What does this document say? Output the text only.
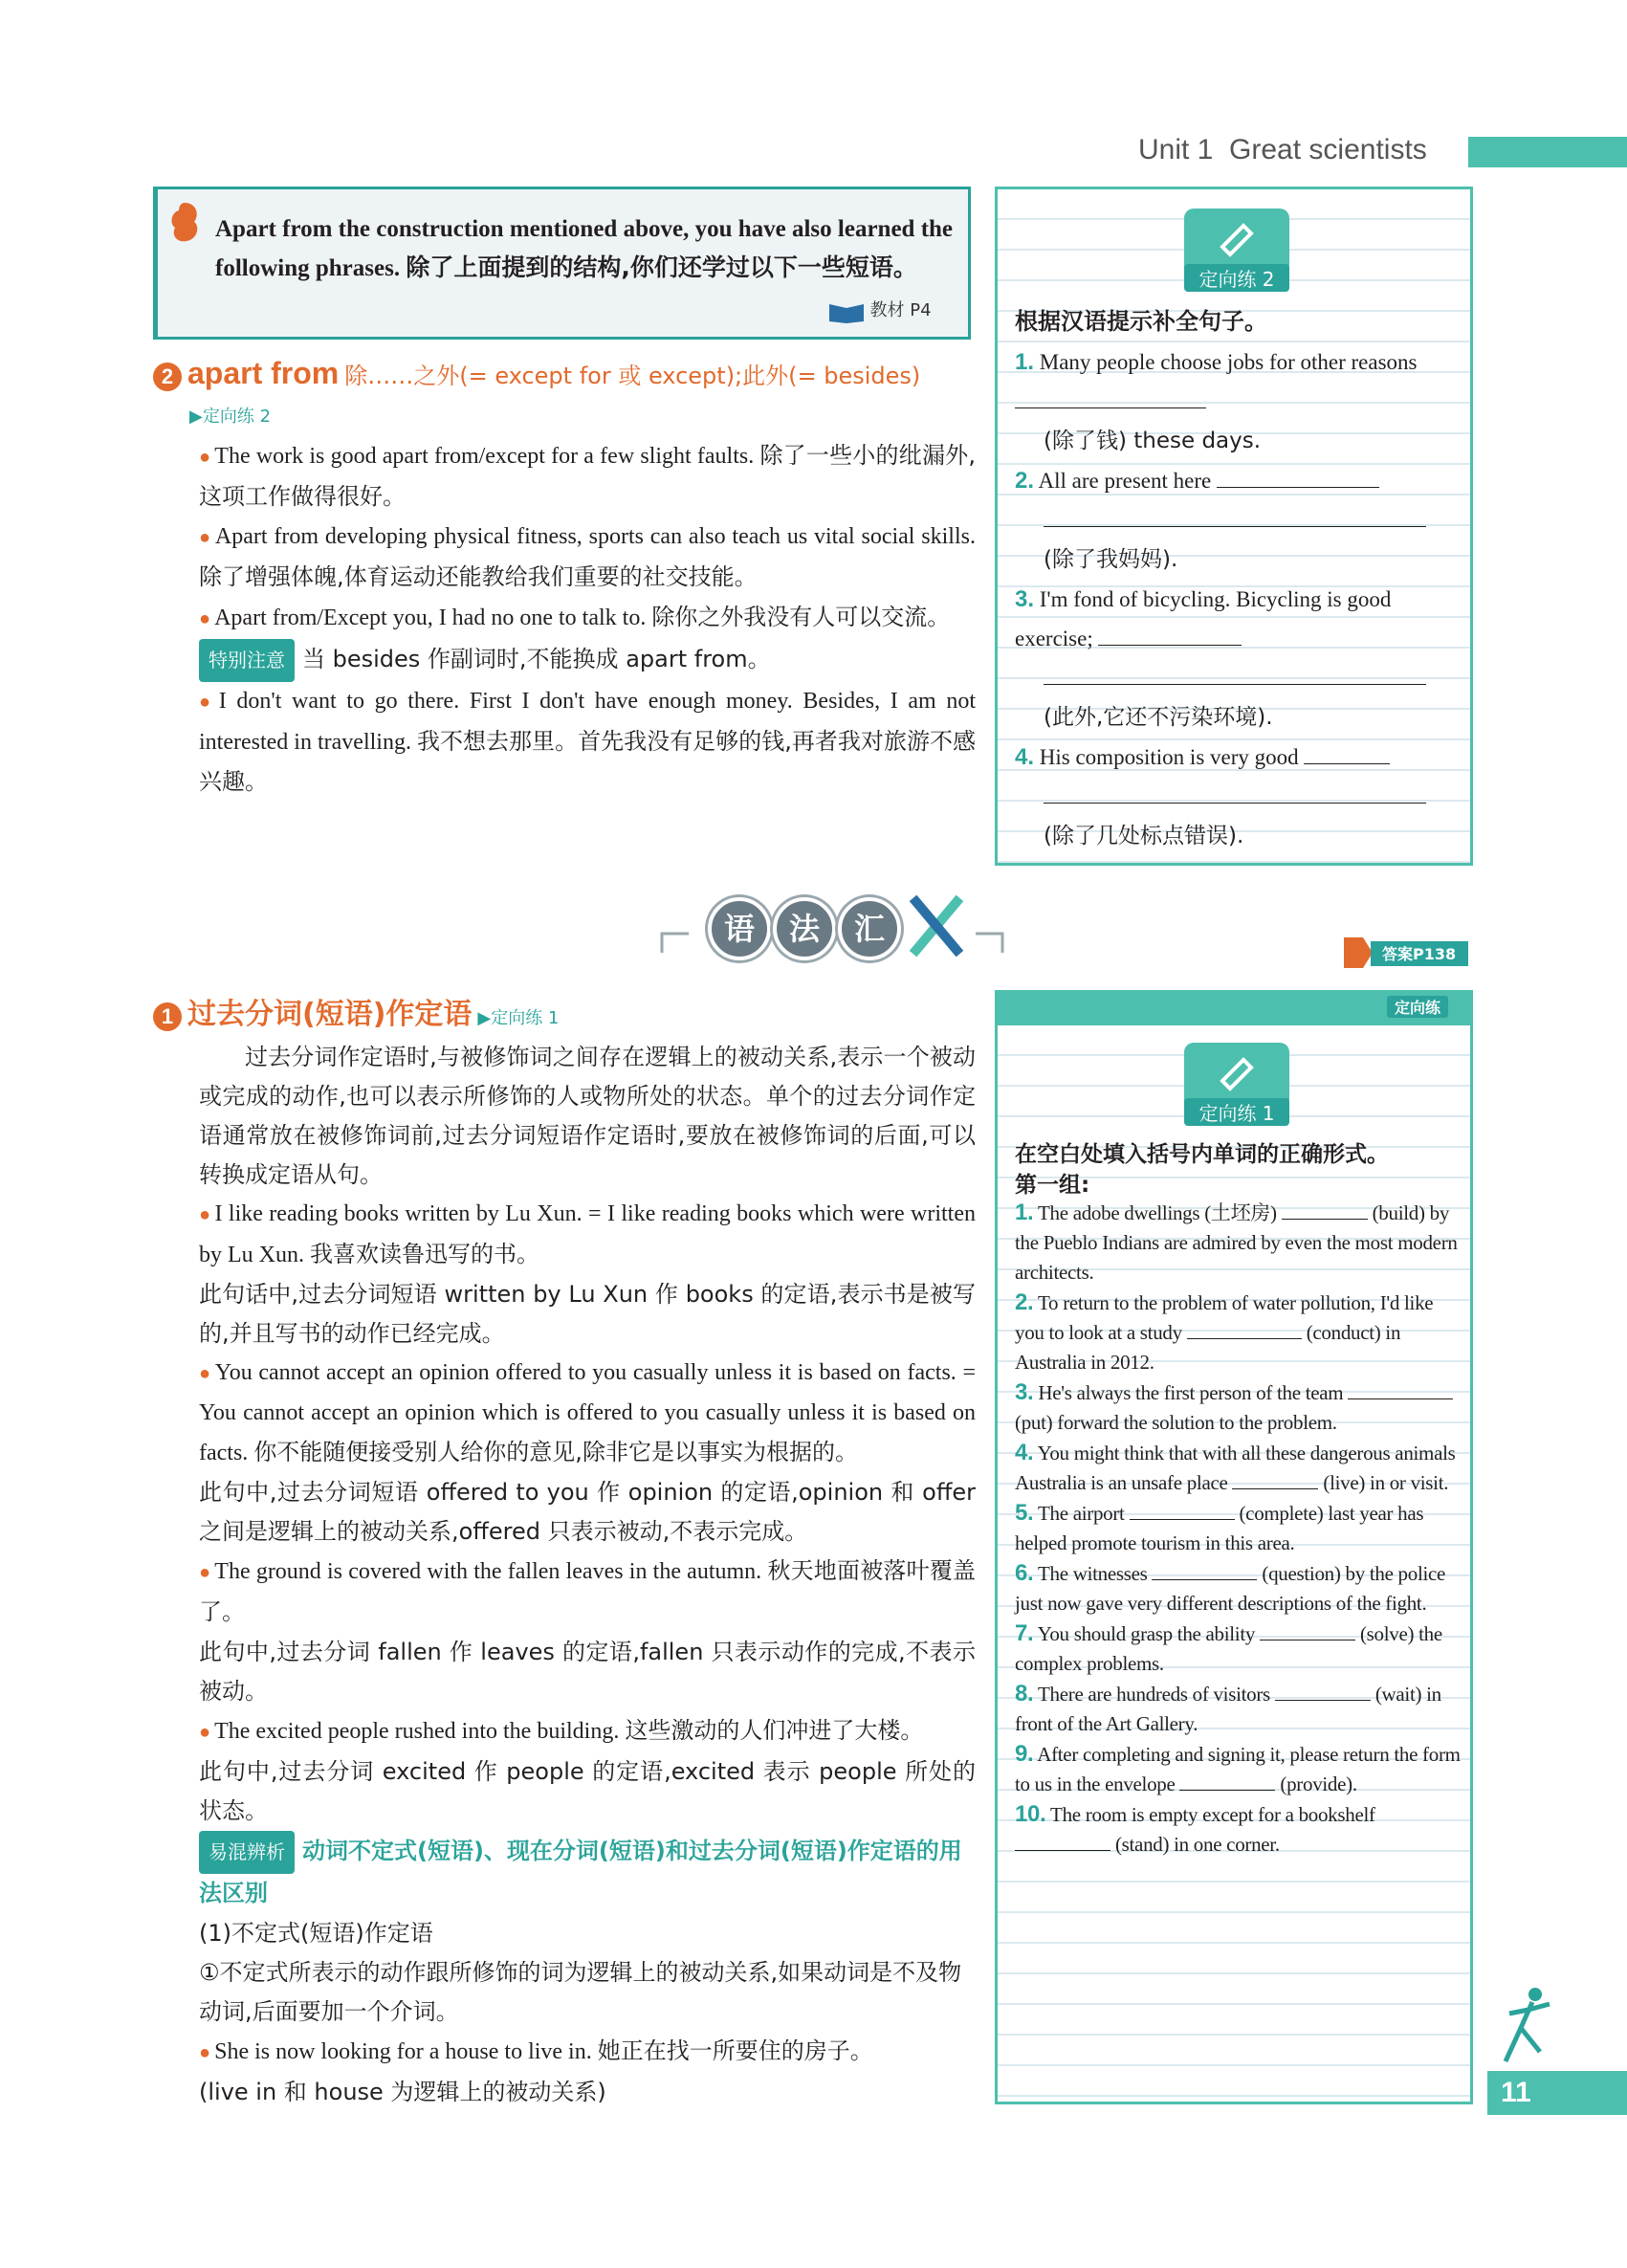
Unit 1 Great scientists
Apart from the construction mentioned above, you have also learned the following phrases. 除了上面提到的结构,你们还学过以下一些短语。
教材 P4
2 apart from 除……之外(= except for 或 except);此外(= besides)
▶定向练 2
● The work is good apart from/except for a few slight faults. 除了一些小的纰漏外,这项工作做得很好。
● Apart from developing physical fitness, sports can also teach us vital social skills. 除了增强体魄,体育运动还能教给我们重要的社交技能。
● Apart from/Except you, I had no one to talk to. 除你之外我没有人可以交流。
特别注意 当 besides 作副词时,不能换成 apart from。
● I don't want to go there. First I don't have enough money. Besides, I am not interested in travelling. 我不想去那里。首先我没有足够的钱,再者我对旅游不感兴趣。
语	法	汇
答案P138
1 过去分词(短语)作定语 ▶定向练 1
过去分词作定语时,与被修饰词之间存在逻辑上的被动关系,表示一个被动或完成的动作,也可以表示所修饰的人或物所处的状态。单个的过去分词作定语通常放在被修饰词前,过去分词短语作定语时,要放在被修饰词的后面,可以转换成定语从句。
● I like reading books written by Lu Xun. = I like reading books which were written by Lu Xun. 我喜欢读鲁迅写的书。
此句话中,过去分词短语 written by Lu Xun 作 books 的定语,表示书是被写的,并且写书的动作已经完成。
● You cannot accept an opinion offered to you casually unless it is based on facts. = You cannot accept an opinion which is offered to you casually unless it is based on facts. 你不能随便接受别人给你的意见,除非它是以事实为根据的。
此句中,过去分词短语 offered to you 作 opinion 的定语,opinion 和 offer 之间是逻辑上的被动关系,offered 只表示被动,不表示完成。
● The ground is covered with the fallen leaves in the autumn. 秋天地面被落叶覆盖了。
此句中,过去分词 fallen 作 leaves 的定语,fallen 只表示动作的完成,不表示被动。
● The excited people rushed into the building. 这些激动的人们冲进了大楼。
此句中,过去分词 excited 作 people 的定语,excited 表示 people 所处的状态。
易混辨析 动词不定式(短语)、现在分词(短语)和过去分词(短语)作定语的用法区别
(1)不定式(短语)作定语
①不定式所表示的动作跟所修饰的词为逻辑上的被动关系,如果动词是不及物动词,后面要加一个介词。
● She is now looking for a house to live in. 她正在找一所要住的房子。
(live in 和 house 为逻辑上的被动关系)
定向练 2
根据汉语提示补全句子。
1. Many people choose jobs for other reasons
(除了钱) these days.
2. All are present here

(除了我妈妈).
3. I'm fond of bicycling. Bicycling is good exercise;

(此外,它还不污染环境).
4. His composition is very good

(除了几处标点错误).
定向练
定向练 1
在空白处填入括号内单词的正确形式。
第一组:
1. The adobe dwellings (土坯房)	(build) by the Pueblo Indians are admired by even the most modern architects.
2. To return to the problem of water pollution, I'd like you to look at a study	(conduct) in Australia in 2012.
3. He's always the first person of the team  (put) forward the solution to the problem.
4. You might think that with all these dangerous animals Australia is an unsafe place	(live) in or visit.
5. The airport	(complete) last year has helped promote tourism in this area.
6. The witnesses	(question) by the police just now gave very different descriptions of the fight.
7. You should grasp the ability	(solve) the complex problems.
8. There are hundreds of visitors	(wait) in front of the Art Gallery.
9. After completing and signing it, please return the form to us in the envelope	(provide).
10. The room is empty except for a bookshelf  (stand) in one corner.
11
